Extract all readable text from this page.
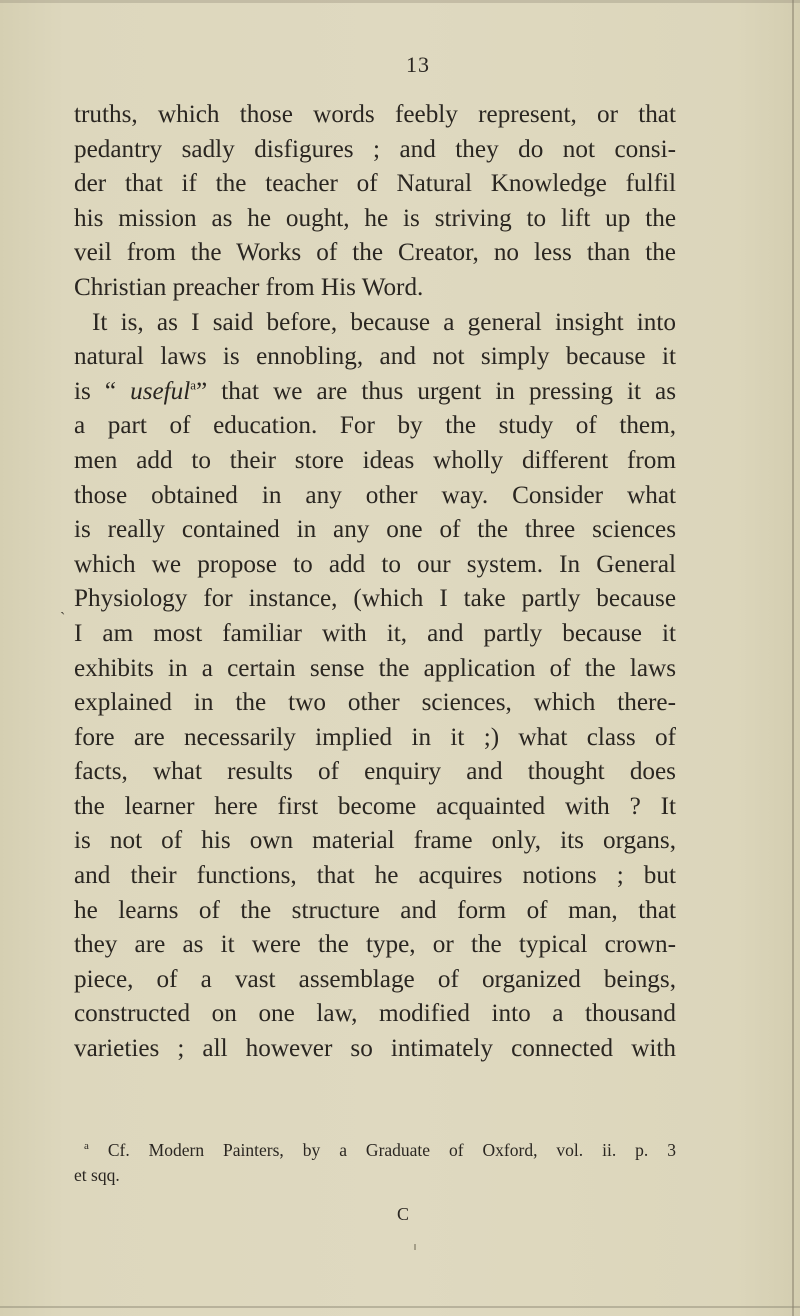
13
truths, which those words feebly represent, or that
pedantry sadly disfigures ; and they do not consi-
der that if the teacher of Natural Knowledge fulfil
his mission as he ought, he is striving to lift up the
veil from the Works of the Creator, no less than the
Christian preacher from His Word.
It is, as I said before, because a general insight into
natural laws is ennobling, and not simply because it
is “ useful$^a$” that we are thus urgent in pressing it as
a part of education. For by the study of them,
men add to their store ideas wholly different from
those obtained in any other way. Consider what
is really contained in any one of the three sciences
which we propose to add to our system. In General
Physiology for instance, (which I take partly because
I am most familiar with it, and partly because it
exhibits in a certain sense the application of the laws
explained in the two other sciences, which there-
fore are necessarily implied in it ;) what class of
facts, what results of enquiry and thought does
the learner here first become acquainted with ? It
is not of his own material frame only, its organs,
and their functions, that he acquires notions ; but
he learns of the structure and form of man, that
they are as it were the type, or the typical crown-
piece, of a vast assemblage of organized beings,
constructed on one law, modified into a thousand
varieties ; all however so intimately connected with
ˏ
$^a$ Cf. Modern Painters, by a Graduate of Oxford, vol. ii. p. 3
et sqq.
C
